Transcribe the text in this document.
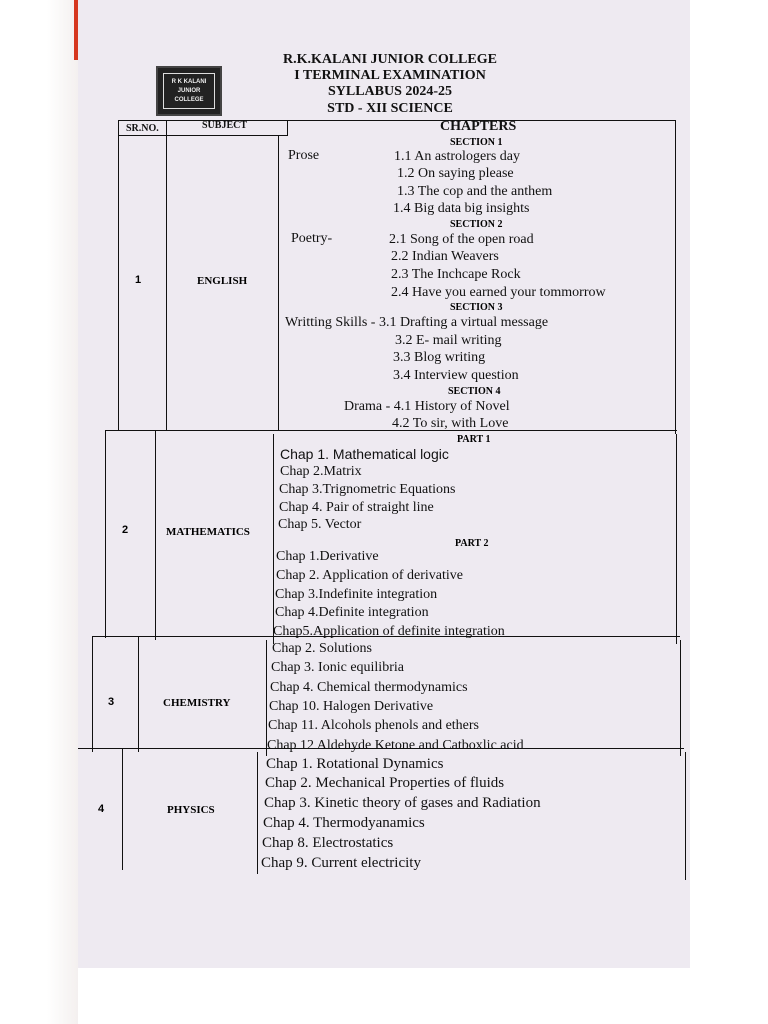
R K KALANI JUNIOR COLLEGE
R.K.KALANI JUNIOR COLLEGE
I TERMINAL EXAMINATION
SYLLABUS 2024-25
STD - XII SCIENCE
SR.NO.	SUBJECT	CHAPTERS
1	ENGLISH
SECTION 1
Prose	1.1 An astrologers day
1.2 On saying please
1.3 The cop and the anthem
1.4 Big data big insights
SECTION 2
Poetry-	2.1 Song of the open road
2.2 Indian Weavers
2.3 The Inchcape Rock
2.4 Have you earned your tommorrow
SECTION 3
Writting Skills - 3.1 Drafting a virtual message
3.2 E- mail writing
3.3 Blog writing
3.4 Interview question
SECTION 4
Drama - 4.1 History of Novel
4.2 To sir, with Love
2	MATHEMATICS
PART 1
Chap 1. Mathematical logic
Chap 2.Matrix
Chap 3.Trignometric Equations
Chap 4. Pair of straight line
Chap 5. Vector
PART 2
Chap 1.Derivative
Chap 2. Application of derivative
Chap 3.Indefinite integration
Chap 4.Definite integration
Chap5.Application of definite integration
3	CHEMISTRY
Chap 2. Solutions
Chap 3. Ionic equilibria
Chap 4. Chemical thermodynamics
Chap 10. Halogen Derivative
Chap 11. Alcohols phenols and ethers
Chap 12 Aldehyde Ketone and Catboxlic acid
4	PHYSICS
Chap 1. Rotational Dynamics
Chap 2. Mechanical Properties of fluids
Chap 3. Kinetic theory of gases and Radiation
Chap 4. Thermodyanamics
Chap 8. Electrostatics
Chap 9. Current electricity
